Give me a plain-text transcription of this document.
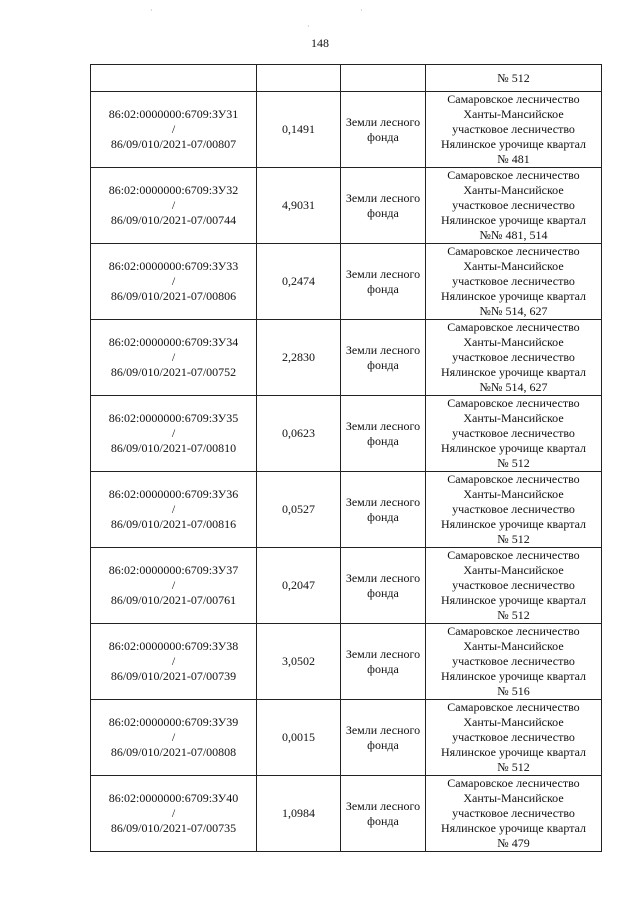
·
·
·
148
			№ 512

86:02:0000000:6709:ЗУ31
/
86/09/010/2021-07/00807	0,1491	Земли лесного фонда	Самаровское лесничество
Ханты-Мансийское
участковое лесничество
Нялинское урочище квартал
№ 481

86:02:0000000:6709:ЗУ32
/
86/09/010/2021-07/00744	4,9031	Земли лесного фонда	Самаровское лесничество
Ханты-Мансийское
участковое лесничество
Нялинское урочище квартал
№№ 481, 514

86:02:0000000:6709:ЗУ33
/
86/09/010/2021-07/00806	0,2474	Земли лесного фонда	Самаровское лесничество
Ханты-Мансийское
участковое лесничество
Нялинское урочище квартал
№№ 514, 627

86:02:0000000:6709:ЗУ34
/
86/09/010/2021-07/00752	2,2830	Земли лесного фонда	Самаровское лесничество
Ханты-Мансийское
участковое лесничество
Нялинское урочище квартал
№№ 514, 627

86:02:0000000:6709:ЗУ35
/
86/09/010/2021-07/00810	0,0623	Земли лесного фонда	Самаровское лесничество
Ханты-Мансийское
участковое лесничество
Нялинское урочище квартал
№ 512

86:02:0000000:6709:ЗУ36
/
86/09/010/2021-07/00816	0,0527	Земли лесного фонда	Самаровское лесничество
Ханты-Мансийское
участковое лесничество
Нялинское урочище квартал
№ 512

86:02:0000000:6709:ЗУ37
/
86/09/010/2021-07/00761	0,2047	Земли лесного фонда	Самаровское лесничество
Ханты-Мансийское
участковое лесничество
Нялинское урочище квартал
№ 512

86:02:0000000:6709:ЗУ38
/
86/09/010/2021-07/00739	3,0502	Земли лесного фонда	Самаровское лесничество
Ханты-Мансийское
участковое лесничество
Нялинское урочище квартал
№ 516

86:02:0000000:6709:ЗУ39
/
86/09/010/2021-07/00808	0,0015	Земли лесного фонда	Самаровское лесничество
Ханты-Мансийское
участковое лесничество
Нялинское урочище квартал
№ 512

86:02:0000000:6709:ЗУ40
/
86/09/010/2021-07/00735	1,0984	Земли лесного фонда	Самаровское лесничество
Ханты-Мансийское
участковое лесничество
Нялинское урочище квартал
№ 479
